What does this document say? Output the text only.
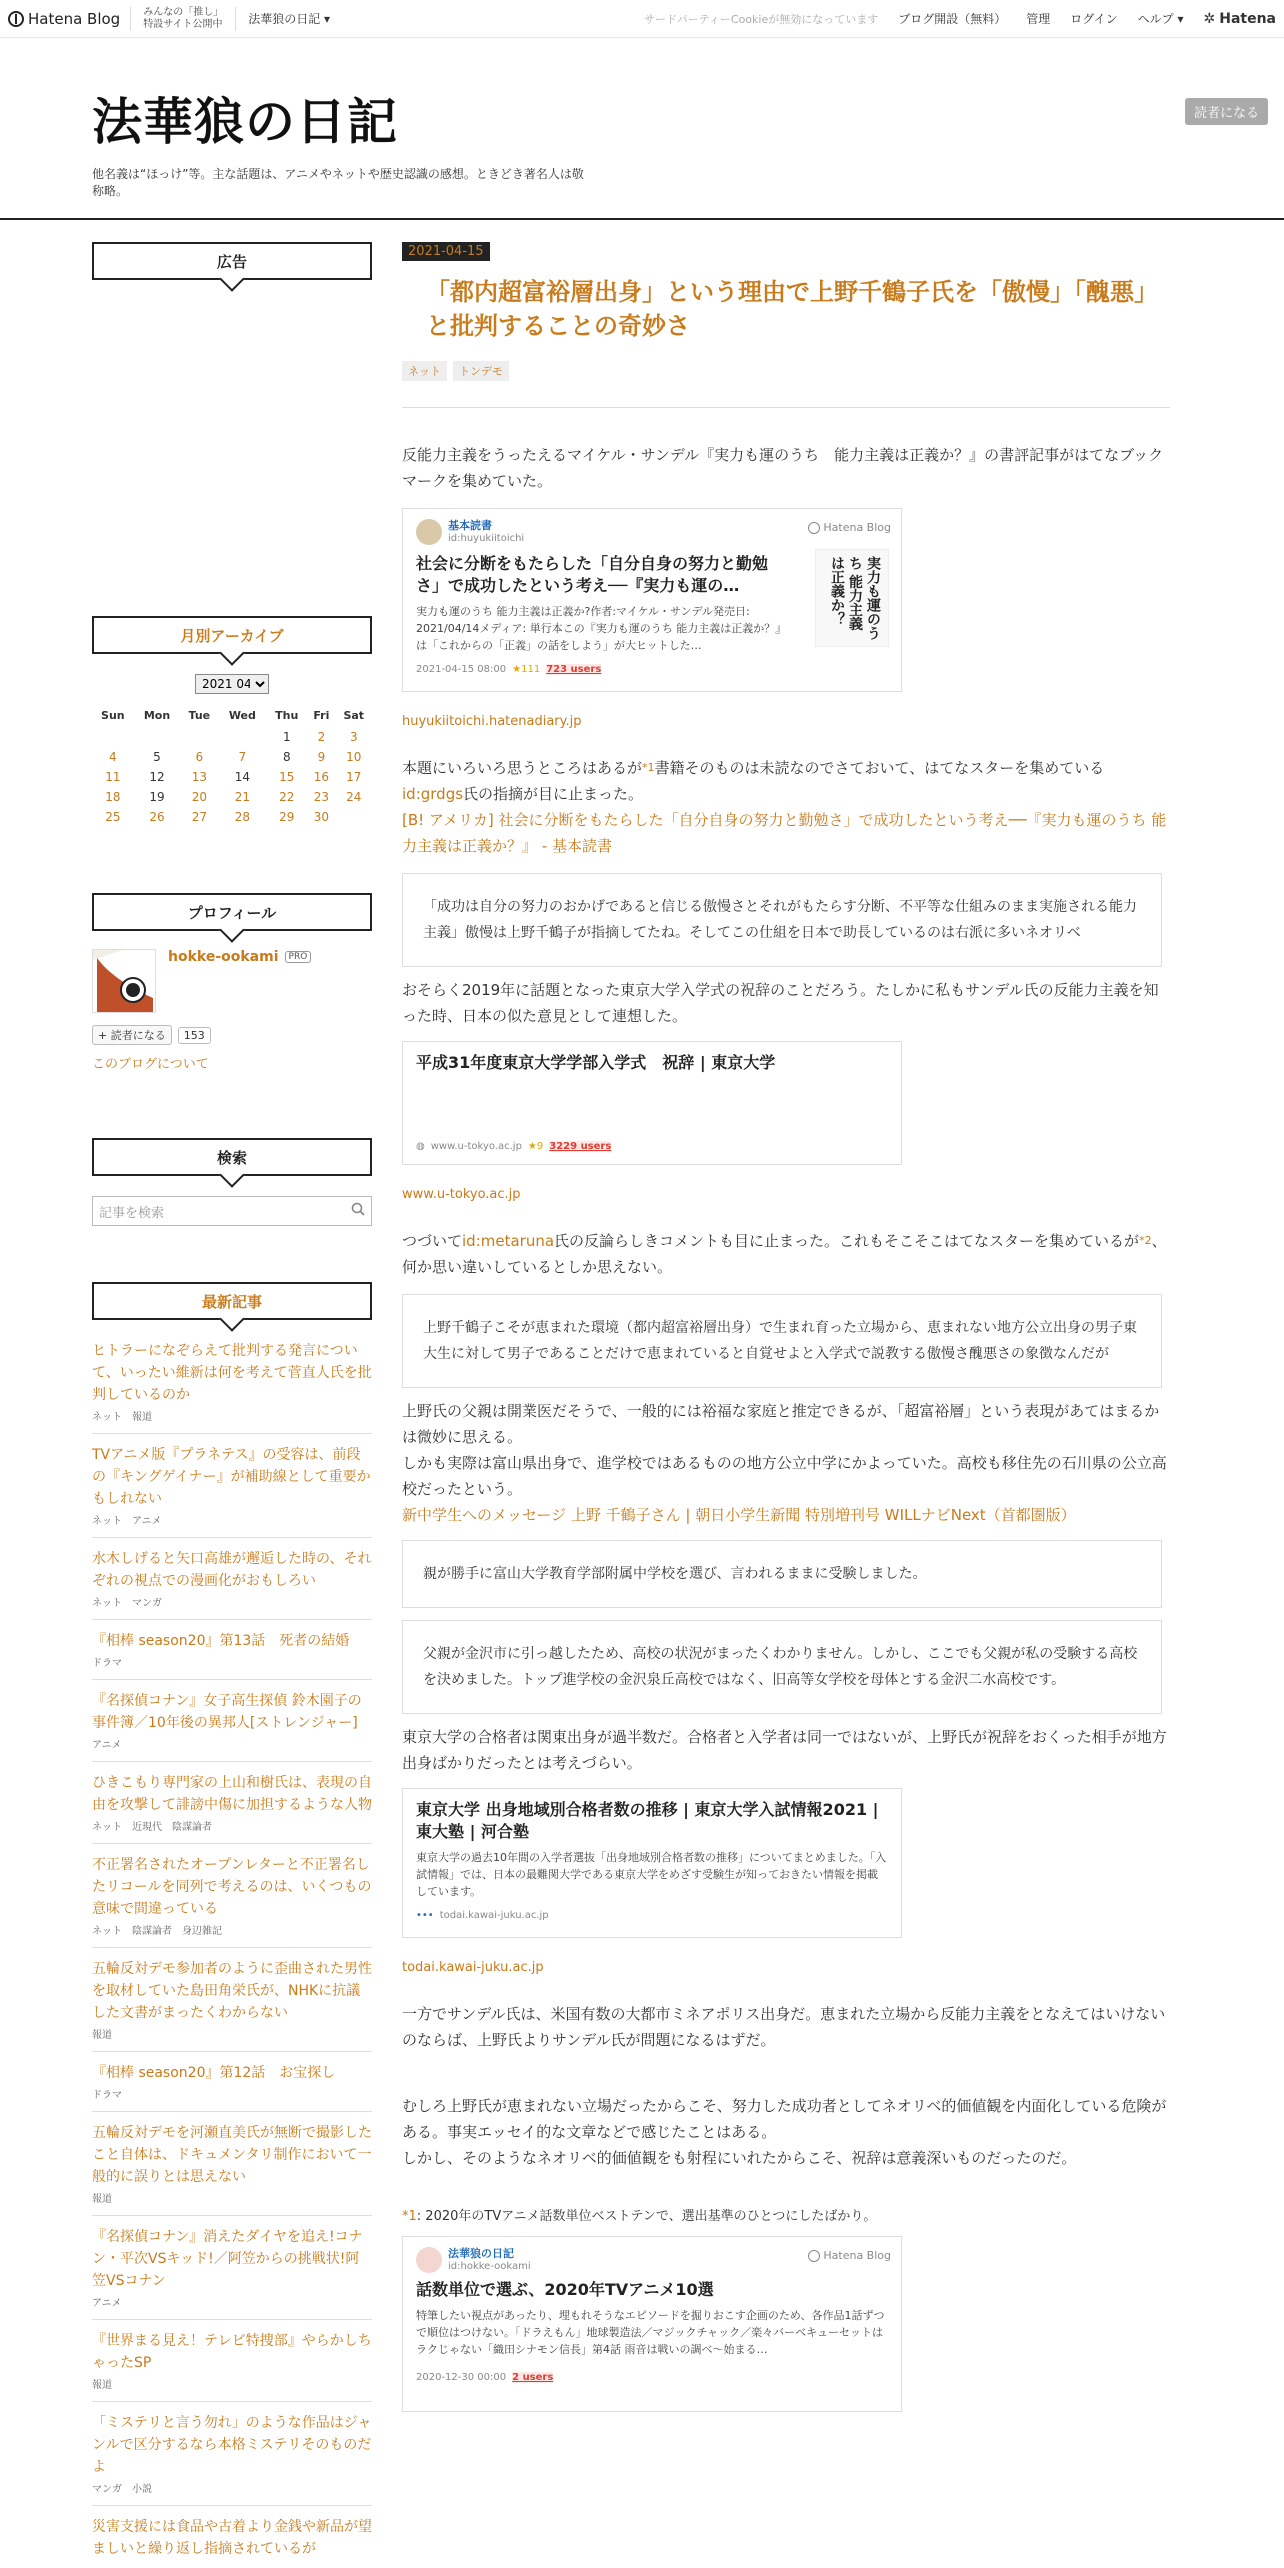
Hatena Blog みんなの「推し」
特設サイト公開中	法華狼の日記 ▾	サードパーティーCookieが無効になっています ブログ開設（無料） 管理 ログイン ヘルプ ▾ ✲ Hatena
法華狼の日記
他名義は“ほっけ”等。主な話題は、アニメやネットや歴史認識の感想。ときどき著名人は敬称略。
読者になる
広告
月別アーカイブ
2021 04
Sun	Mon	Tue	Wed	Thu	Fri	Sat
				1	2	3
4	5	6	7	8	9	10
11	12	13	14	15	16	17
18	19	20	21	22	23	24
25	26	27	28	29	30	
プロフィール
hokke-ookami PRO
+ 読者になる	153
このブログについて
検索
記事を検索
最新記事
ヒトラーになぞらえて批判する発言について、いったい維新は何を考えて菅直人氏を批判しているのか
ネット 報道
TVアニメ版『プラネテス』の受容は、前段の『キングゲイナー』が補助線として重要かもしれない
ネット アニメ
水木しげると矢口高雄が邂逅した時の、それぞれの視点での漫画化がおもしろい
ネット マンガ
『相棒 season20』第13話　死者の結婚
ドラマ
『名探偵コナン』女子高生探偵 鈴木園子の事件簿／10年後の異邦人[ストレンジャー]
アニメ
ひきこもり専門家の上山和樹氏は、表現の自由を攻撃して誹謗中傷に加担するような人物
ネット 近現代 陰謀論者
不正署名されたオープンレターと不正署名したリコールを同列で考えるのは、いくつもの意味で間違っている
ネット 陰謀論者 身辺雑記
五輪反対デモ参加者のように歪曲された男性を取材していた島田角栄氏が、NHKに抗議した文書がまったくわからない
報道
『相棒 season20』第12話　お宝探し
ドラマ
五輪反対デモを河瀬直美氏が無断で撮影したこと自体は、ドキュメンタリ制作において一般的に誤りとは思えない
報道
『名探偵コナン』消えたダイヤを追え!コナン・平次VSキッド!／阿笠からの挑戦状!阿笠VSコナン
アニメ
『世界まる見え！テレビ特捜部』やらかしちゃったSP
報道
「ミステリと言う勿れ」のような作品はジャンルで区分するなら本格ミステリそのものだよ
マンガ 小説
災害支援には食品や古着より金銭や新品が望ましいと繰り返し指摘されているが
2021-04-15
「都内超富裕層出身」という理由で上野千鶴子氏を「傲慢」「醜悪」と批判することの奇妙さ
ネット	トンデモ

反能力主義をうったえるマイケル・サンデル『実力も運のうち　能力主義は正義か？』の書評記事がはてなブックマークを集めていた。

基本読書
id:huyukiitoichi
Hatena Blog
社会に分断をもたらした「自分自身の努力と勤勉さ」で成功したという考え──『実力も運の…
実力も運のうち 能力主義は正義か?作者:マイケル・サンデル発売日: 2021/04/14メディア: 単行本この『実力も運のうち 能力主義は正義か？』は「これからの「正義」の話をしよう」が大ヒットした…
2021-04-15 08:00 ★111 723 users
実力も運のうち 能力主義は正義か？
huyukiitoichi.hatenadiary.jp

本題にいろいろ思うところはあるが$^{*1}$書籍そのものは未読なのでさておいて、はてなスターを集めている
id:grdgs氏の指摘が目に止まった。
[B! アメリカ] 社会に分断をもたらした「自分自身の努力と勤勉さ」で成功したという考え──『実力も運のうち 能力主義は正義か？』 - 基本読書

「成功は自分の努力のおかげであると信じる傲慢さとそれがもたらす分断、不平等な仕組みのまま実施される能力主義」傲慢は上野千鶴子が指摘してたね。そしてこの仕組を日本で助長しているのは右派に多いネオリベ

おそらく2019年に話題となった東京大学入学式の祝辞のことだろう。たしかに私もサンデル氏の反能力主義を知った時、日本の似た意見として連想した。

平成31年度東京大学学部入学式　祝辞 | 東京大学
◍ www.u-tokyo.ac.jp ★9 3229 users
www.u-tokyo.ac.jp

つづいてid:metaruna氏の反論らしきコメントも目に止まった。これもそこそこはてなスターを集めているが$^{*2}$、何か思い違いしているとしか思えない。

上野千鶴子こそが恵まれた環境（都内超富裕層出身）で生まれ育った立場から、恵まれない地方公立出身の男子東大生に対して男子であることだけで恵まれていると自覚せよと入学式で説教する傲慢さ醜悪さの象徴なんだが

上野氏の父親は開業医だそうで、一般的には裕福な家庭と推定できるが、「超富裕層」という表現があてはまるかは微妙に思える。
しかも実際は富山県出身で、進学校ではあるものの地方公立中学にかよっていた。高校も移住先の石川県の公立高校だったという。
新中学生へのメッセージ 上野 千鶴子さん | 朝日小学生新聞 特別増刊号 WILLナビNext（首都圏版）

親が勝手に富山大学教育学部附属中学校を選び、言われるままに受験しました。
父親が金沢市に引っ越したため、高校の状況がまったくわかりません。しかし、ここでも父親が私の受験する高校を決めました。トップ進学校の金沢泉丘高校ではなく、旧高等女学校を母体とする金沢二水高校です。

東京大学の合格者は関東出身が過半数だ。合格者と入学者は同一ではないが、上野氏が祝辞をおくった相手が地方出身ばかりだったとは考えづらい。

東京大学 出身地域別合格者数の推移 | 東京大学入試情報2021 | 東大塾 | 河合塾
東京大学の過去10年間の入学者選抜「出身地域別合格者数の推移」についてまとめました。「入試情報」では、日本の最難関大学である東京大学をめざす受験生が知っておきたい情報を掲載しています。
••• todai.kawai-juku.ac.jp
todai.kawai-juku.ac.jp

一方でサンデル氏は、米国有数の大都市ミネアポリス出身だ。恵まれた立場から反能力主義をとなえてはいけないのならば、上野氏よりサンデル氏が問題になるはずだ。

むしろ上野氏が恵まれない立場だったからこそ、努力した成功者としてネオリベ的価値観を内面化している危険がある。事実エッセイ的な文章などで感じたことはある。
しかし、そのようなネオリベ的価値観をも射程にいれたからこそ、祝辞は意義深いものだったのだ。

*1: 2020年のTVアニメ話数単位ベストテンで、選出基準のひとつにしたばかり。
法華狼の日記
id:hokke-ookami
Hatena Blog
話数単位で選ぶ、2020年TVアニメ10選
特筆したい視点があったり、埋もれそうなエピソードを掘りおこす企画のため、各作品1話ずつで順位はつけない。「ドラえもん」地球製造法／マジックチャック／楽々バーベキューセットはラクじゃない「織田シナモン信長」第4話 雨音は戦いの調べ～始まる…
2020-12-30 00:00 2 users
